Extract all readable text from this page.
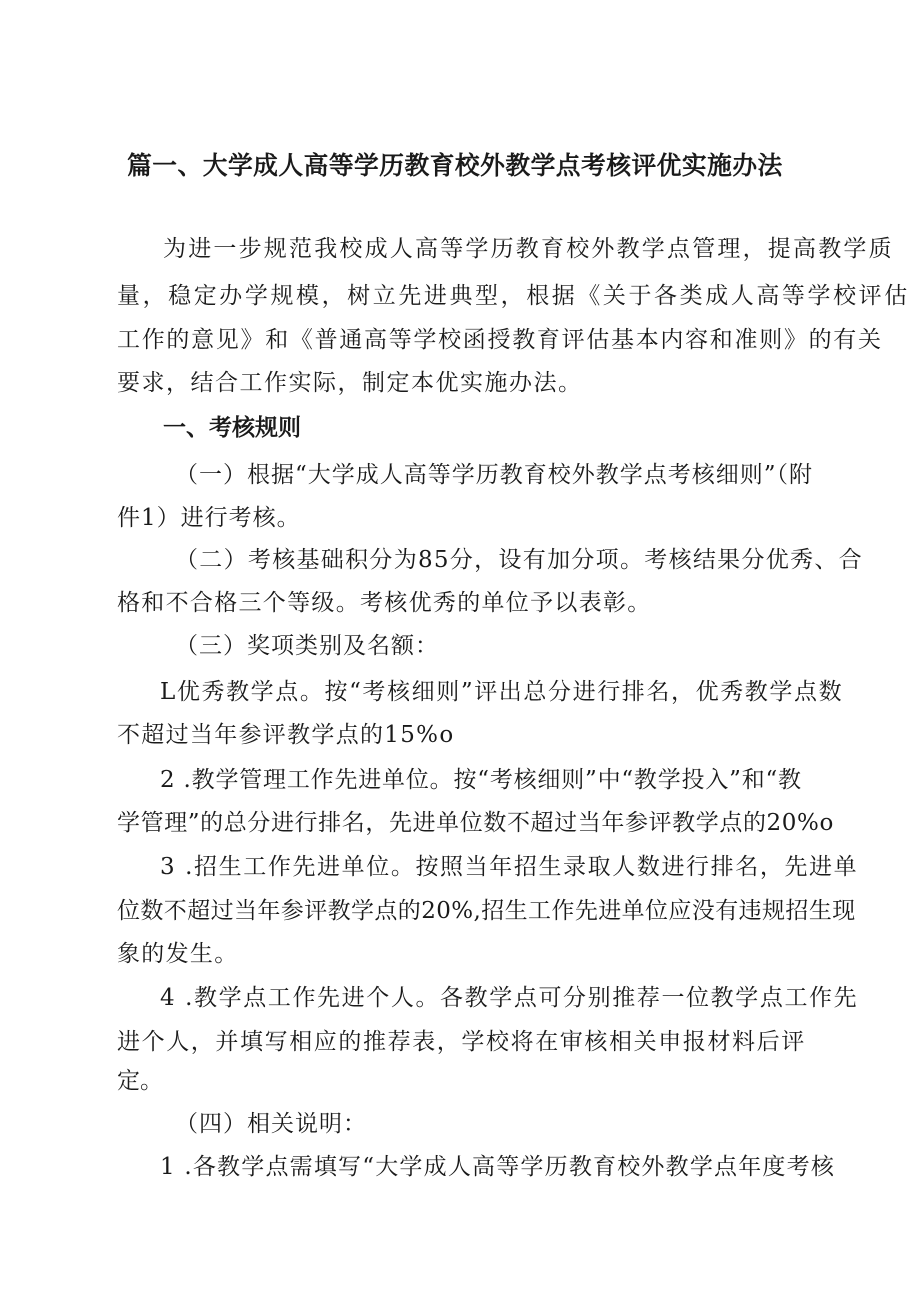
篇一、大学成人高等学历教育校外教学点考核评优实施办法
为进一步规范我校成人高等学历教育校外教学点管理，提高教学质
量，稳定办学规模，树立先进典型，根据《关于各类成人高等学校评估
工作的意见》和《普通高等学校函授教育评估基本内容和准则》的有关
要求，结合工作实际，制定本优实施办法。
一、考核规则
（一）根据“大学成人高等学历教育校外教学点考核细则”（附
件1）进行考核。
（二）考核基础积分为85分，设有加分项。考核结果分优秀、合
格和不合格三个等级。考核优秀的单位予以表彰。
（三）奖项类别及名额：
L优秀教学点。按“考核细则”评出总分进行排名，优秀教学点数
不超过当年参评教学点的15%o
2 .教学管理工作先进单位。按“考核细则”中“教学投入”和“教
学管理”的总分进行排名，先进单位数不超过当年参评教学点的20%o
3 .招生工作先进单位。按照当年招生录取人数进行排名，先进单
位数不超过当年参评教学点的20%,招生工作先进单位应没有违规招生现
象的发生。
4 .教学点工作先进个人。各教学点可分别推荐一位教学点工作先
进个人，并填写相应的推荐表，学校将在审核相关申报材料后评
定。
（四）相关说明：
1 .各教学点需填写“大学成人高等学历教育校外教学点年度考核
